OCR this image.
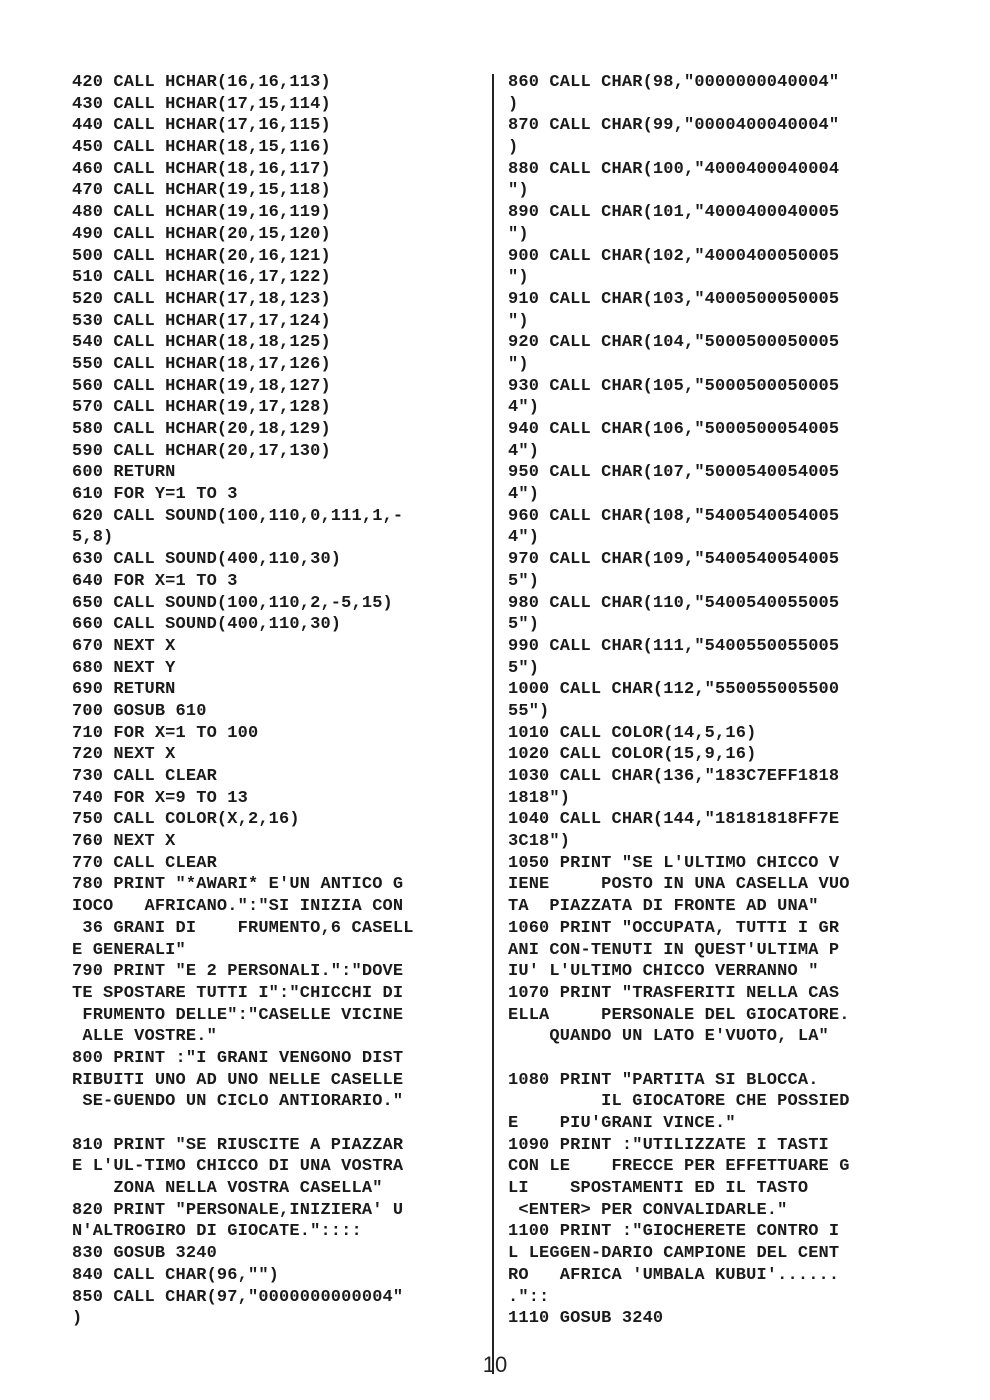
420 CALL HCHAR(16,16,113)
430 CALL HCHAR(17,15,114)
440 CALL HCHAR(17,16,115)
450 CALL HCHAR(18,15,116)
460 CALL HCHAR(18,16,117)
470 CALL HCHAR(19,15,118)
480 CALL HCHAR(19,16,119)
490 CALL HCHAR(20,15,120)
500 CALL HCHAR(20,16,121)
510 CALL HCHAR(16,17,122)
520 CALL HCHAR(17,18,123)
530 CALL HCHAR(17,17,124)
540 CALL HCHAR(18,18,125)
550 CALL HCHAR(18,17,126)
560 CALL HCHAR(19,18,127)
570 CALL HCHAR(19,17,128)
580 CALL HCHAR(20,18,129)
590 CALL HCHAR(20,17,130)
600 RETURN
610 FOR Y=1 TO 3
620 CALL SOUND(100,110,0,111,1,-
5,8)
630 CALL SOUND(400,110,30)
640 FOR X=1 TO 3
650 CALL SOUND(100,110,2,-5,15)
660 CALL SOUND(400,110,30)
670 NEXT X
680 NEXT Y
690 RETURN
700 GOSUB 610
710 FOR X=1 TO 100
720 NEXT X
730 CALL CLEAR
740 FOR X=9 TO 13
750 CALL COLOR(X,2,16)
760 NEXT X
770 CALL CLEAR
780 PRINT "*AWARI* E'UN ANTICO G
IOCO   AFRICANO.":"SI INIZIA CON
36 GRANI DI    FRUMENTO,6 CASELL
E GENERALI"
790 PRINT "E 2 PERSONALI.":"DOVE
TE SPOSTARE TUTTI I":"CHICCHI DI
FRUMENTO DELLE":"CASELLE VICINE
ALLE VOSTRE."
800 PRINT :"I GRANI VENGONO DIST
RIBUITI UNO AD UNO NELLE CASELLE
SE-GUENDO UN CICLO ANTIORARIO."
810 PRINT "SE RIUSCITE A PIAZZAR
E L'UL-TIMO CHICCO DI UNA VOSTRA
ZONA NELLA VOSTRA CASELLA"
820 PRINT "PERSONALE,INIZIERA' U
N'ALTROGIRO DI GIOCATE."::::
830 GOSUB 3240
840 CALL CHAR(96,"")
850 CALL CHAR(97,"0000000000004"
)
860 CALL CHAR(98,"0000000040004"
)
870 CALL CHAR(99,"0000400040004"
)
880 CALL CHAR(100,"4000400040004
")
890 CALL CHAR(101,"4000400040005
")
900 CALL CHAR(102,"4000400050005
")
910 CALL CHAR(103,"4000500050005
")
920 CALL CHAR(104,"5000500050005
")
930 CALL CHAR(105,"5000500050005
4")
940 CALL CHAR(106,"5000500054005
4")
950 CALL CHAR(107,"5000540054005
4")
960 CALL CHAR(108,"5400540054005
4")
970 CALL CHAR(109,"5400540054005
5")
980 CALL CHAR(110,"5400540055005
5")
990 CALL CHAR(111,"5400550055005
5")
1000 CALL CHAR(112,"550055005500
55")
1010 CALL COLOR(14,5,16)
1020 CALL COLOR(15,9,16)
1030 CALL CHAR(136,"183C7EFF1818
1818")
1040 CALL CHAR(144,"18181818FF7E
3C18")
1050 PRINT "SE L'ULTIMO CHICCO V
IENE     POSTO IN UNA CASELLA VUO
TA  PIAZZATA DI FRONTE AD UNA"
1060 PRINT "OCCUPATA, TUTTI I GR
ANI CON-TENUTI IN QUEST'ULTIMA P
IU' L'ULTIMO CHICCO VERRANNO "
1070 PRINT "TRASFERITI NELLA CAS
ELLA     PERSONALE DEL GIOCATORE.
QUANDO UN LATO E'VUOTO, LA"
1080 PRINT "PARTITA SI BLOCCA.
IL GIOCATORE CHE POSSIED
E    PIU'GRANI VINCE."
1090 PRINT :"UTILIZZATE I TASTI
CON LE    FRECCE PER EFFETTUARE G
LI    SPOSTAMENTI ED IL TASTO
<ENTER> PER CONVALIDARLE."
1100 PRINT :"GIOCHERETE CONTRO I
L LEGGEN-DARIO CAMPIONE DEL CENT
RO   AFRICA 'UMBALA KUBUI'......
."::
1110 GOSUB 3240
10
